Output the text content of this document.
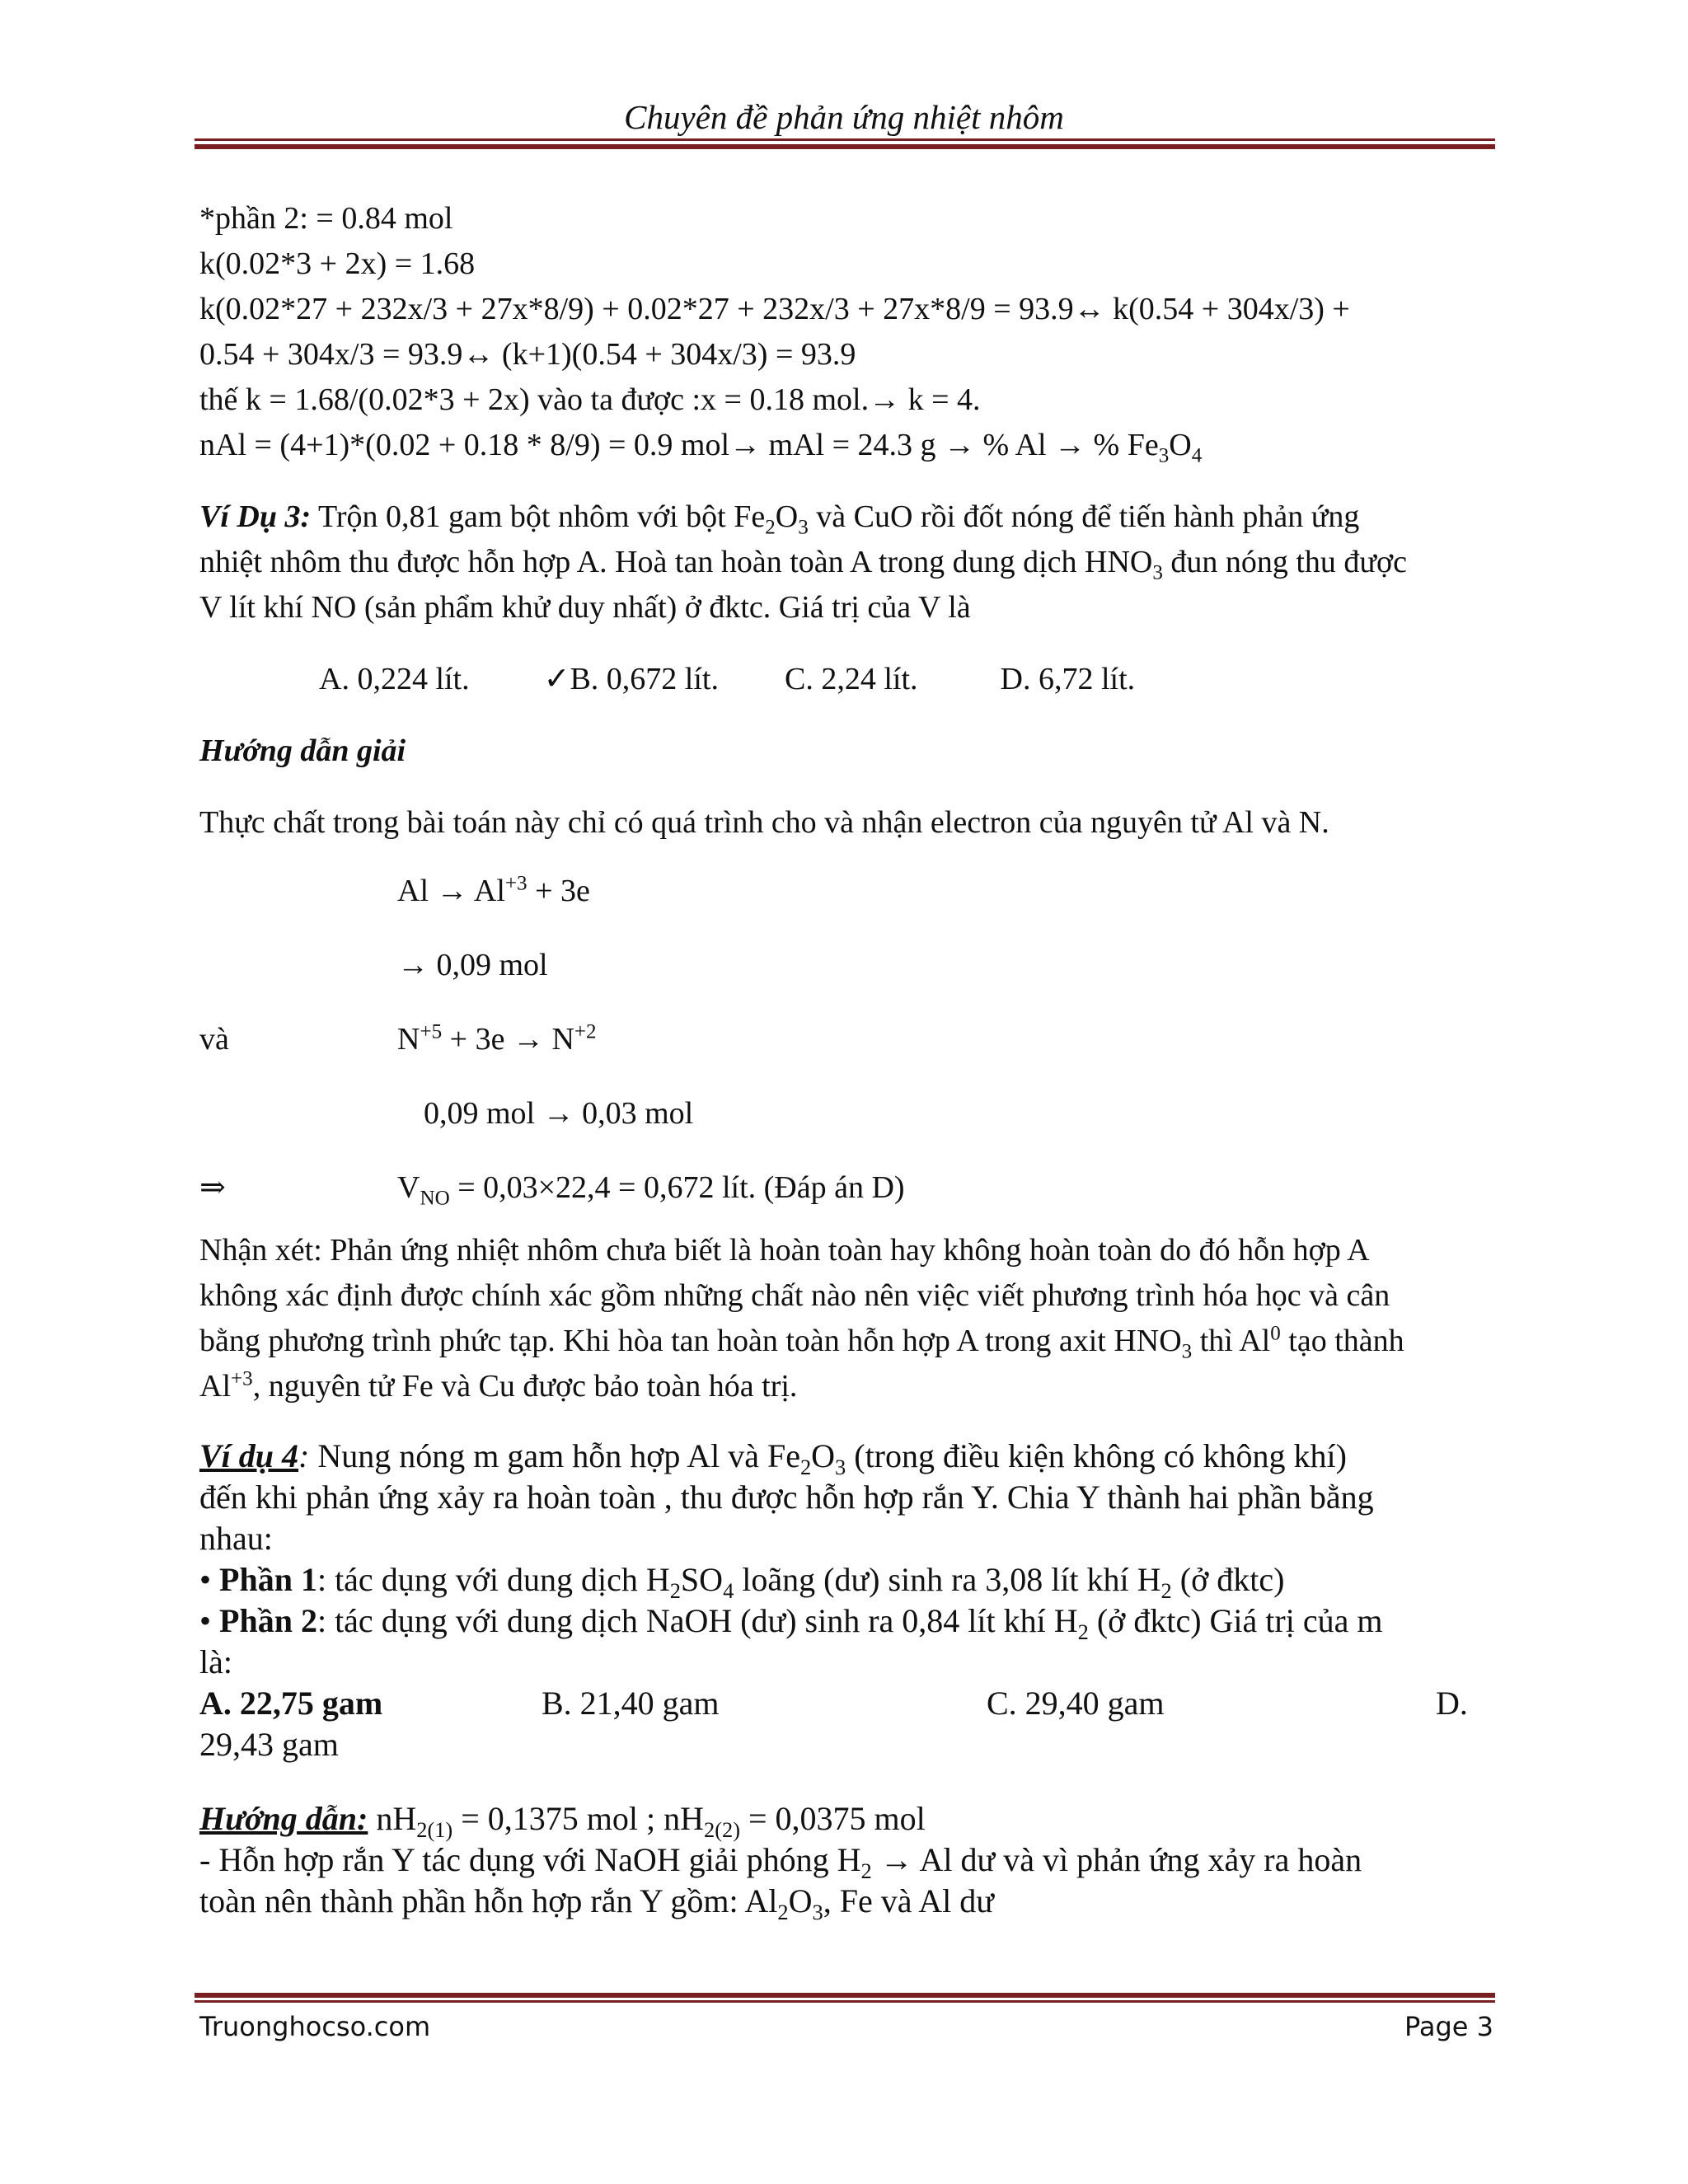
Chuyên đề phản ứng nhiệt nhôm
*phần 2: = 0.84 mol
k(0.02*3 + 2x) = 1.68
k(0.02*27 + 232x/3 + 27x*8/9) + 0.02*27 + 232x/3 + 27x*8/9 = 93.9↔ k(0.54 + 304x/3) +
0.54 + 304x/3 = 93.9↔ (k+1)(0.54 + 304x/3) = 93.9
thế k = 1.68/(0.02*3 + 2x) vào ta được :x = 0.18 mol.→ k = 4.
nAl = (4+1)*(0.02 + 0.18 * 8/9) = 0.9 mol→ mAl = 24.3 g → % Al → % $Fe_3O_4$
Ví Dụ 3: Trộn 0,81 gam bột nhôm với bột $Fe_2O_3$ và CuO rồi đốt nóng để tiến hành phản ứng
nhiệt nhôm thu được hỗn hợp A. Hoà tan hoàn toàn A trong dung dịch $HNO_3$ đun nóng thu được
V lít khí NO (sản phẩm khử duy nhất) ở đktc. Giá trị của V là
A. 0,224 lít. ✓B. 0,672 lít. C. 2,24 lít.	D. 6,72 lít.
Hướng dẫn giải
Thực chất trong bài toán này chỉ có quá trình cho và nhận electron của nguyên tử Al và N.
$Al \to Al^{+3} + 3e$
→ 0,09 mol
và	$N^{+5} + 3e \to N^{+2}$
0,09 mol → 0,03 mol
⇒	$V_{NO} = 0,03\times 22,4 = 0,672$ lít. (Đáp án D)
Nhận xét: Phản ứng nhiệt nhôm chưa biết là hoàn toàn hay không hoàn toàn do đó hỗn hợp A
không xác định được chính xác gồm những chất nào nên việc viết phương trình hóa học và cân
bằng phương trình phức tạp. Khi hòa tan hoàn toàn hỗn hợp A trong axit $HNO_3$ thì Al$^0$ tạo thành
$Al^{+3}$, nguyên tử Fe và Cu được bảo toàn hóa trị.
Ví dụ 4: Nung nóng m gam hỗn hợp Al và $Fe_2O_3$ (trong điều kiện không có không khí)
đến khi phản ứng xảy ra hoàn toàn , thu được hỗn hợp rắn Y. Chia Y thành hai phần bằng
nhau:
• Phần 1: tác dụng với dung dịch $H_2SO_4$ loãng (dư) sinh ra 3,08 lít khí $H_2$ (ở đktc)
• Phần 2: tác dụng với dung dịch NaOH (dư) sinh ra 0,84 lít khí $H_2$ (ở đktc) Giá trị của m
là:
A. 22,75 gam	B. 21,40 gam	C. 29,40 gam	D.
29,43 gam
Hướng dẫn: $nH_{2(1)} = 0,1375$ mol ; $nH_{2(2)} = 0,0375$ mol
- Hỗn hợp rắn Y tác dụng với NaOH giải phóng $H_2 \to Al$ dư và vì phản ứng xảy ra hoàn
toàn nên thành phần hỗn hợp rắn Y gồm: $Al_2O_3$, Fe và Al dư
Truonghocso.com	Page 3
